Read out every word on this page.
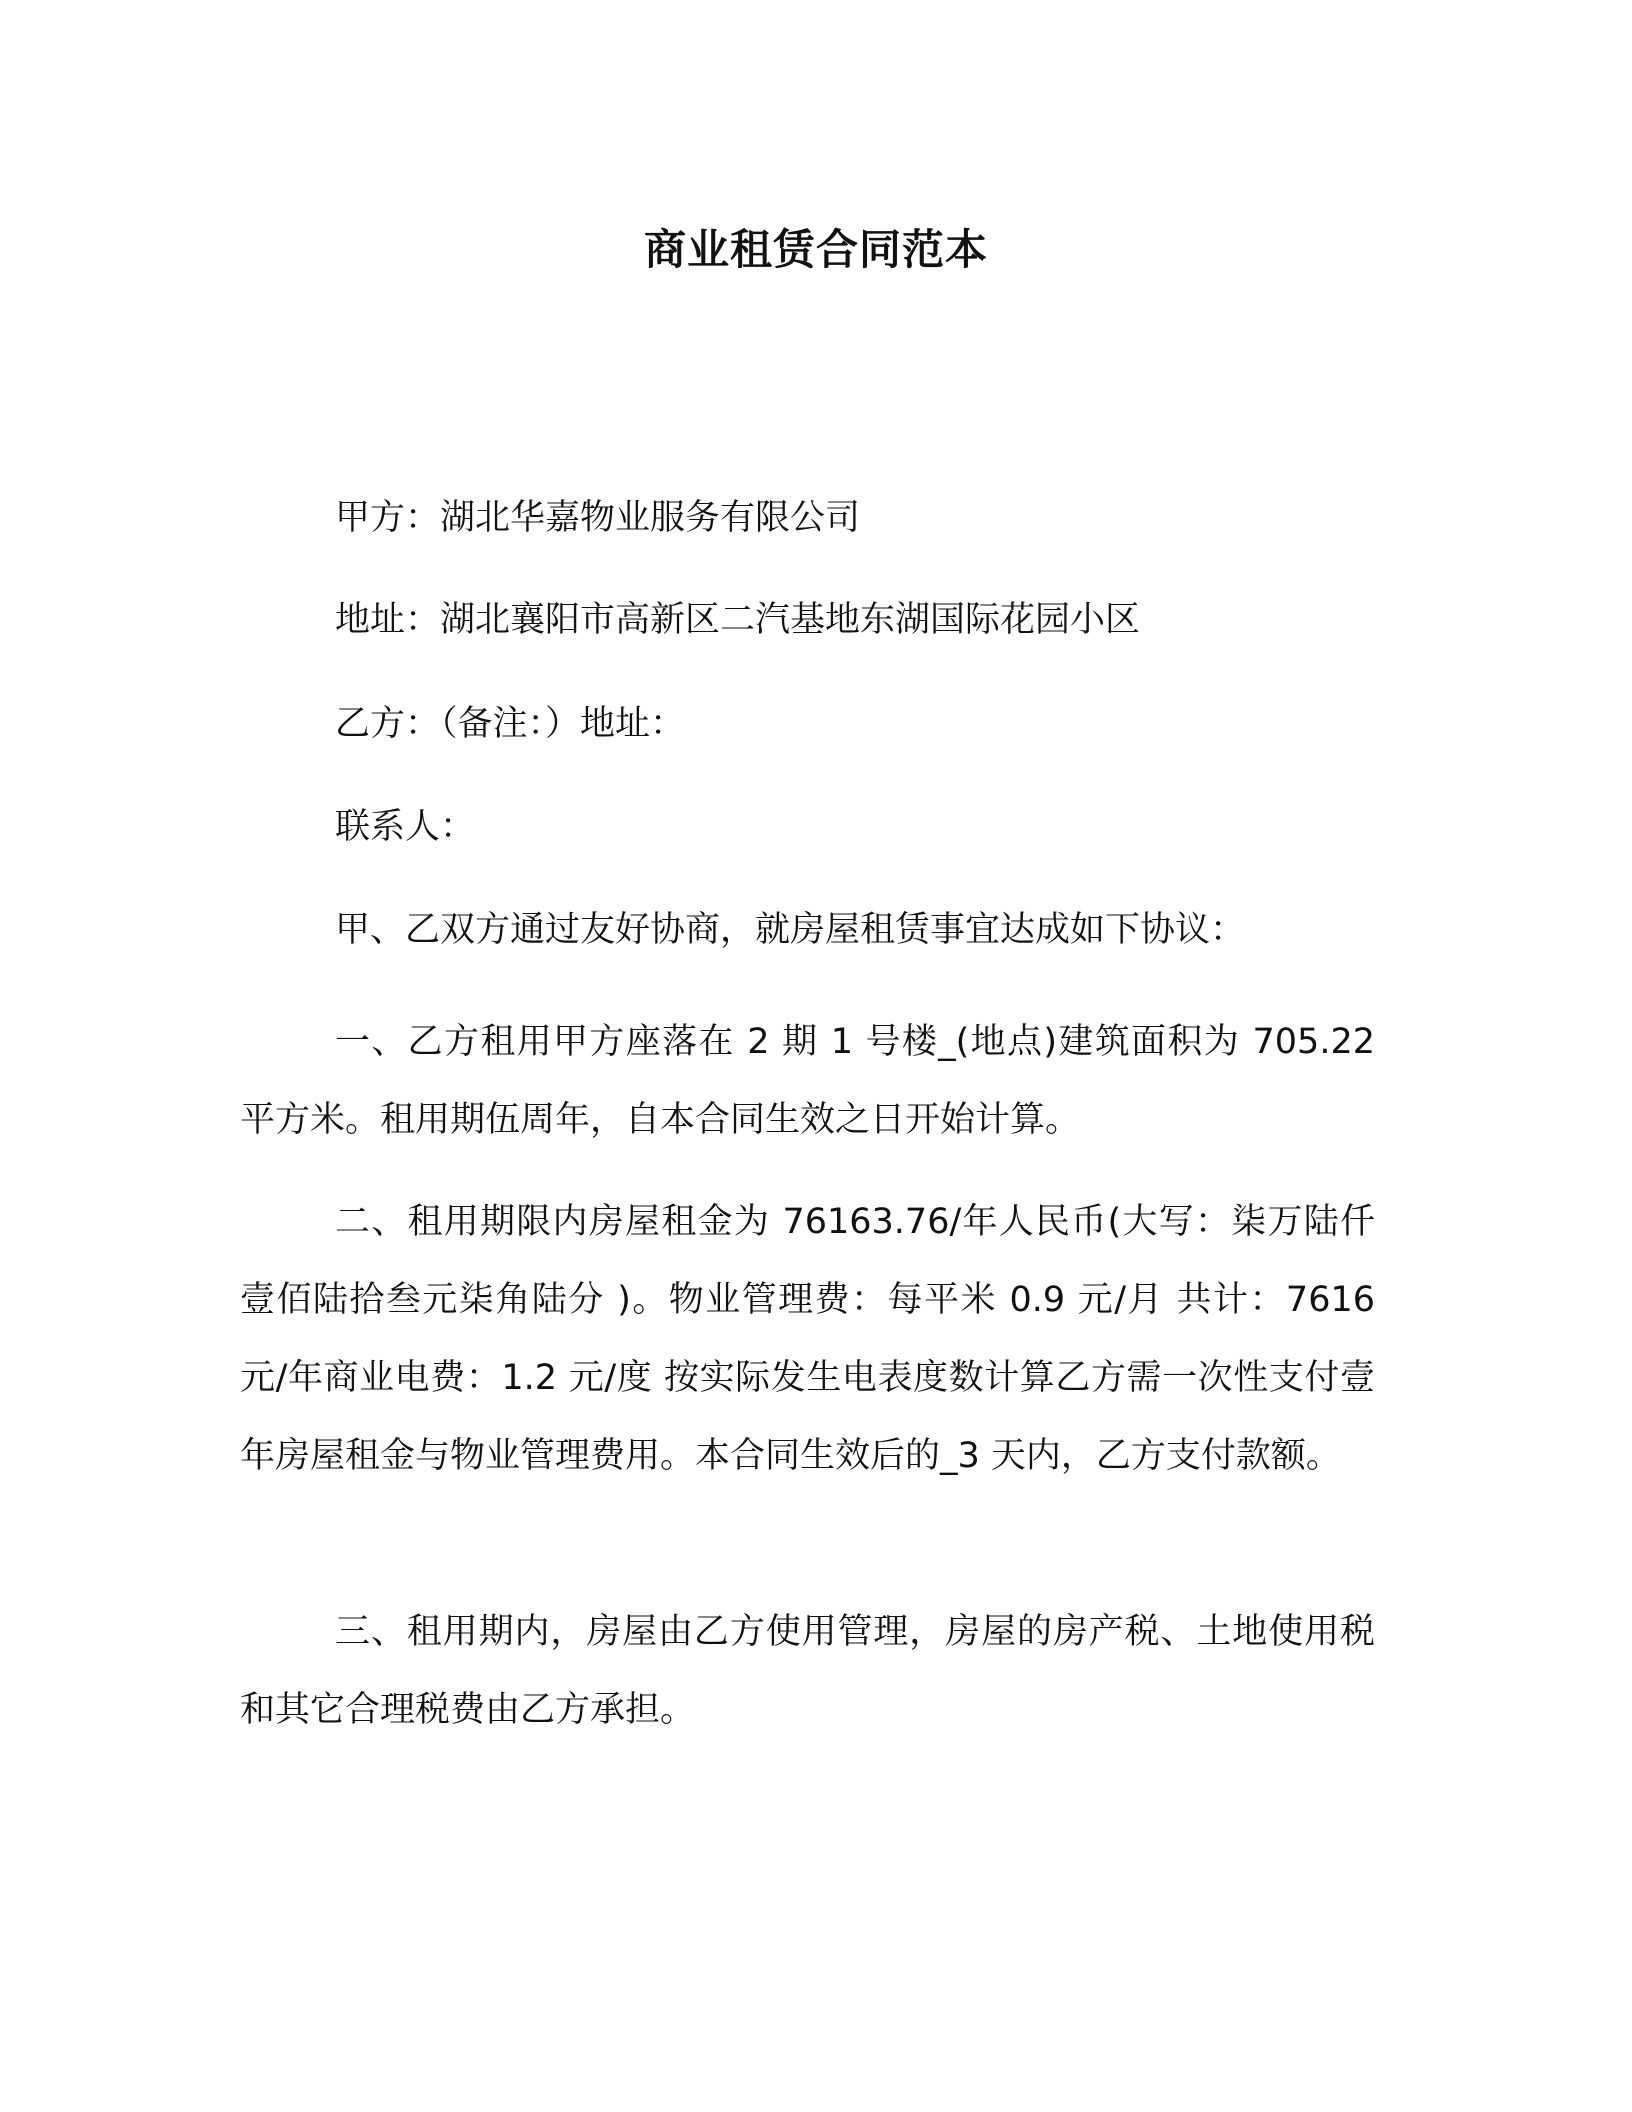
商业租赁合同范本
甲方：湖北华嘉物业服务有限公司
地址：湖北襄阳市高新区二汽基地东湖国际花园小区
乙方：（备注：）地址：
联系人：
甲、乙双方通过友好协商，就房屋租赁事宜达成如下协议：
一、乙方租用甲方座落在 2 期 1 号楼_(地点)建筑面积为 705.22 平方米。租用期伍周年，自本合同生效之日开始计算。
二、租用期限内房屋租金为 76163.76/年人民币(大写：柒万陆仟壹佰陆拾叁元柒角陆分 )。物业管理费：每平米 0.9 元/月 共计：7616 元/年商业电费：1.2 元/度 按实际发生电表度数计算乙方需一次性支付壹年房屋租金与物业管理费用。本合同生效后的_3 天内，乙方支付款额。
三、租用期内，房屋由乙方使用管理，房屋的房产税、土地使用税和其它合理税费由乙方承担。
